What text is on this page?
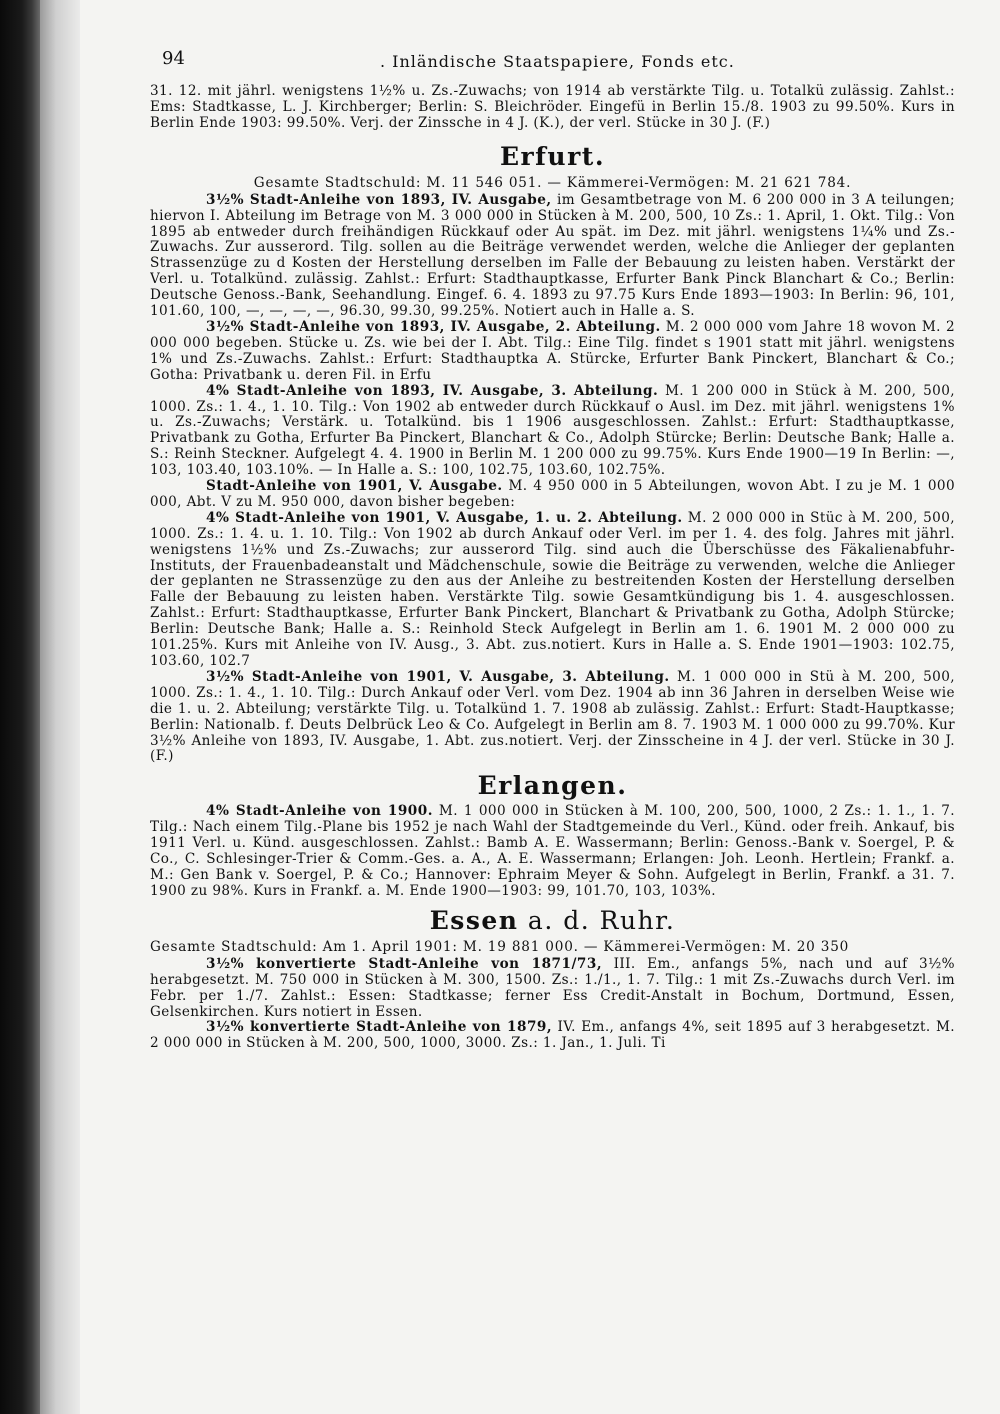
94	. Inländische Staatspapiere, Fonds etc.

31. 12. mit jährl. wenigstens 1½% u. Zs.-Zuwachs; von 1914 ab verstärkte Tilg. u. Totalkü zulässig. Zahlst.: Ems: Stadtkasse, L. J. Kirchberger; Berlin: S. Bleichröder. Eingefü in Berlin 15./8. 1903 zu 99.50%. Kurs in Berlin Ende 1903: 99.50%. Verj. der Zinssche in 4 J. (K.), der verl. Stücke in 30 J. (F.)

Erfurt.

Gesamte Stadtschuld: M. 11 546 051. — Kämmerei-Vermögen: M. 21 621 784.

3½% Stadt-Anleihe von 1893, IV. Ausgabe, im Gesamtbetrage von M. 6 200 000 in 3 A teilungen; hiervon I. Abteilung im Betrage von M. 3 000 000 in Stücken à M. 200, 500, 10 Zs.: 1. April, 1. Okt. Tilg.: Von 1895 ab entweder durch freihändigen Rückkauf oder Au spät. im Dez. mit jährl. wenigstens 1¼% und Zs.-Zuwachs. Zur ausserord. Tilg. sollen au die Beiträge verwendet werden, welche die Anlieger der geplanten Strassenzüge zu d Kosten der Herstellung derselben im Falle der Bebauung zu leisten haben. Verstärkt der Verl. u. Totalkünd. zulässig. Zahlst.: Erfurt: Stadthauptkasse, Erfurter Bank Pinck Blanchart & Co.; Berlin: Deutsche Genoss.-Bank, Seehandlung. Eingef. 6. 4. 1893 zu 97.75 Kurs Ende 1893—1903: In Berlin: 96, 101, 101.60, 100, —, —, —, —, 96.30, 99.30, 99.25%. Notiert auch in Halle a. S.

3½% Stadt-Anleihe von 1893, IV. Ausgabe, 2. Abteilung. M. 2 000 000 vom Jahre 18 wovon M. 2 000 000 begeben. Stücke u. Zs. wie bei der I. Abt. Tilg.: Eine Tilg. findet s 1901 statt mit jährl. wenigstens 1% und Zs.-Zuwachs. Zahlst.: Erfurt: Stadthauptka A. Stürcke, Erfurter Bank Pinckert, Blanchart & Co.; Gotha: Privatbank u. deren Fil. in Erfu

4% Stadt-Anleihe von 1893, IV. Ausgabe, 3. Abteilung. M. 1 200 000 in Stück à M. 200, 500, 1000. Zs.: 1. 4., 1. 10. Tilg.: Von 1902 ab entweder durch Rückkauf o Ausl. im Dez. mit jährl. wenigstens 1% u. Zs.-Zuwachs; Verstärk. u. Totalkünd. bis 1 1906 ausgeschlossen. Zahlst.: Erfurt: Stadthauptkasse, Privatbank zu Gotha, Erfurter Ba Pinckert, Blanchart & Co., Adolph Stürcke; Berlin: Deutsche Bank; Halle a. S.: Reinh Steckner. Aufgelegt 4. 4. 1900 in Berlin M. 1 200 000 zu 99.75%. Kurs Ende 1900—19 In Berlin: —, 103, 103.40, 103.10%. — In Halle a. S.: 100, 102.75, 103.60, 102.75%.

Stadt-Anleihe von 1901, V. Ausgabe. M. 4 950 000 in 5 Abteilungen, wovon Abt. I zu je M. 1 000 000, Abt. V zu M. 950 000, davon bisher begeben:

4% Stadt-Anleihe von 1901, V. Ausgabe, 1. u. 2. Abteilung. M. 2 000 000 in Stüc à M. 200, 500, 1000. Zs.: 1. 4. u. 1. 10. Tilg.: Von 1902 ab durch Ankauf oder Verl. im per 1. 4. des folg. Jahres mit jährl. wenigstens 1½% und Zs.-Zuwachs; zur ausserord Tilg. sind auch die Überschüsse des Fäkalienabfuhr-Instituts, der Frauenbadeanstalt und Mädchenschule, sowie die Beiträge zu verwenden, welche die Anlieger der geplanten ne Strassenzüge zu den aus der Anleihe zu bestreitenden Kosten der Herstellung derselben Falle der Bebauung zu leisten haben. Verstärkte Tilg. sowie Gesamtkündigung bis 1. 4. ausgeschlossen. Zahlst.: Erfurt: Stadthauptkasse, Erfurter Bank Pinckert, Blanchart & Privatbank zu Gotha, Adolph Stürcke; Berlin: Deutsche Bank; Halle a. S.: Reinhold Steck Aufgelegt in Berlin am 1. 6. 1901 M. 2 000 000 zu 101.25%. Kurs mit Anleihe von IV. Ausg., 3. Abt. zus.notiert. Kurs in Halle a. S. Ende 1901—1903: 102.75, 103.60, 102.7

3½% Stadt-Anleihe von 1901, V. Ausgabe, 3. Abteilung. M. 1 000 000 in Stü à M. 200, 500, 1000. Zs.: 1. 4., 1. 10. Tilg.: Durch Ankauf oder Verl. vom Dez. 1904 ab inn 36 Jahren in derselben Weise wie die 1. u. 2. Abteilung; verstärkte Tilg. u. Totalkünd 1. 7. 1908 ab zulässig. Zahlst.: Erfurt: Stadt-Hauptkasse; Berlin: Nationalb. f. Deuts Delbrück Leo & Co. Aufgelegt in Berlin am 8. 7. 1903 M. 1 000 000 zu 99.70%. Kur 3½% Anleihe von 1893, IV. Ausgabe, 1. Abt. zus.notiert. Verj. der Zinsscheine in 4 J. der verl. Stücke in 30 J. (F.)

Erlangen.

4% Stadt-Anleihe von 1900. M. 1 000 000 in Stücken à M. 100, 200, 500, 1000, 2 Zs.: 1. 1., 1. 7. Tilg.: Nach einem Tilg.-Plane bis 1952 je nach Wahl der Stadtgemeinde du Verl., Künd. oder freih. Ankauf, bis 1911 Verl. u. Künd. ausgeschlossen. Zahlst.: Bamb A. E. Wassermann; Berlin: Genoss.-Bank v. Soergel, P. & Co., C. Schlesinger-Trier & Comm.-Ges. a. A., A. E. Wassermann; Erlangen: Joh. Leonh. Hertlein; Frankf. a. M.: Gen Bank v. Soergel, P. & Co.; Hannover: Ephraim Meyer & Sohn. Aufgelegt in Berlin, Frankf. a 31. 7. 1900 zu 98%. Kurs in Frankf. a. M. Ende 1900—1903: 99, 101.70, 103, 103%.

Essen a. d. Ruhr.

Gesamte Stadtschuld: Am 1. April 1901: M. 19 881 000. — Kämmerei-Vermögen: M. 20 350

3½% konvertierte Stadt-Anleihe von 1871/73, III. Em., anfangs 5%, nach und auf 3½% herabgesetzt. M. 750 000 in Stücken à M. 300, 1500. Zs.: 1./1., 1. 7. Tilg.: 1 mit Zs.-Zuwachs durch Verl. im Febr. per 1./7. Zahlst.: Essen: Stadtkasse; ferner Ess Credit-Anstalt in Bochum, Dortmund, Essen, Gelsenkirchen. Kurs notiert in Essen.

3½% konvertierte Stadt-Anleihe von 1879, IV. Em., anfangs 4%, seit 1895 auf 3 herabgesetzt. M. 2 000 000 in Stücken à M. 200, 500, 1000, 3000. Zs.: 1. Jan., 1. Juli. Ti
